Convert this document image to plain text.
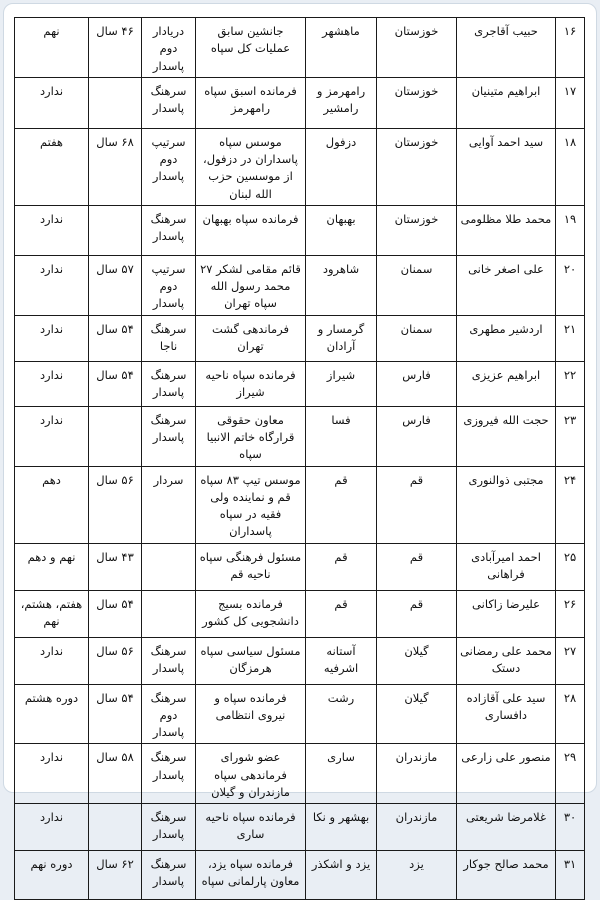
۱۶	حبیب آقاجری	خوزستان	ماهشهر	جانشین سابق عملیات کل سپاه	دریادار دوم پاسدار	۴۶ سال	نهم
۱۷	ابراهیم متینیان	خوزستان	رامهرمز و رامشیر	فرمانده اسبق سپاه رامهرمز	سرهنگ پاسدار		ندارد
۱۸	سید احمد آوایی	خوزستان	دزفول	موسس سپاه پاسداران در دزفول، از موسسین حزب الله لبنان	سرتیپ دوم پاسدار	۶۸ سال	هفتم
۱۹	محمد طلا مظلومی	خوزستان	بهبهان	فرمانده سپاه بهبهان	سرهنگ پاسدار		ندارد
۲۰	علی اصغر خانی	سمنان	شاهرود	قائم مقامی لشکر ۲۷ محمد رسول الله سپاه تهران	سرتیپ دوم پاسدار	۵۷ سال	ندارد
۲۱	اردشیر مطهری	سمنان	گرمسار و آرادان	فرماندهی گشت تهران	سرهنگ ناجا	۵۴ سال	ندارد
۲۲	ابراهیم عزیزی	فارس	شیراز	فرمانده سپاه ناحیه شیراز	سرهنگ پاسدار	۵۴ سال	ندارد
۲۳	حجت الله فیروزی	فارس	فسا	معاون حقوقی قرارگاه خاتم الانبیا سپاه	سرهنگ پاسدار		ندارد
۲۴	مجتبی ذوالنوری	قم	قم	موسس تیپ ۸۳ سپاه قم و نماینده ولی فقیه در سپاه پاسداران	سردار	۵۶ سال	دهم
۲۵	احمد امیرآبادی فراهانی	قم	قم	مسئول فرهنگی سپاه ناحیه قم		۴۳ سال	نهم و دهم
۲۶	علیرضا زاکانی	قم	قم	فرمانده بسیج دانشجویی کل کشور		۵۴ سال	هفتم، هشتم، نهم
۲۷	محمد علی رمضانی دستک	گیلان	آستانه اشرفیه	مسئول سیاسی سپاه هرمزگان	سرهنگ پاسدار	۵۶ سال	ندارد
۲۸	سید علی آقازاده دافساری	گیلان	رشت	فرمانده سپاه و نیروی انتظامی	سرهنگ دوم پاسدار	۵۴ سال	دوره هشتم
۲۹	منصور علی زارعی	مازندران	ساری	عضو شورای فرماندهی سپاه مازندران و گیلان	سرهنگ پاسدار	۵۸ سال	ندارد
۳۰	غلامرضا شریعتی	مازندران	بهشهر و نکا	فرمانده سپاه ناحیه ساری	سرهنگ پاسدار		ندارد
۳۱	محمد صالح جوکار	یزد	یزد و اشکذر	فرمانده سپاه یزد، معاون پارلمانی سپاه	سرهنگ پاسدار	۶۲ سال	دوره نهم
